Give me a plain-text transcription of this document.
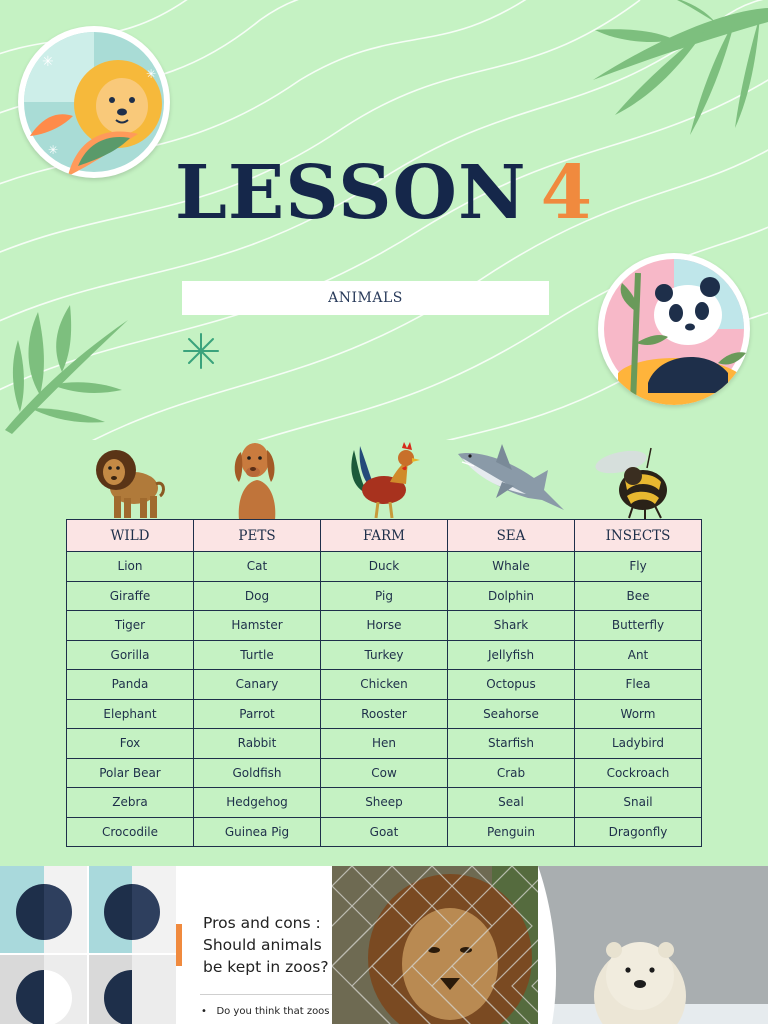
✳
✳
✳	LESSON 4
ANIMALS
WILD	PETS	FARM	SEA	INSECTS
Lion	Cat	Duck	Whale	Fly
Giraffe	Dog	Pig	Dolphin	Bee
Tiger	Hamster	Horse	Shark	Butterfly
Gorilla	Turtle	Turkey	Jellyfish	Ant
Panda	Canary	Chicken	Octopus	Flea
Elephant	Parrot	Rooster	Seahorse	Worm
Fox	Rabbit	Hen	Starfish	Ladybird
Polar Bear	Goldfish	Cow	Crab	Cockroach
Zebra	Hedgehog	Sheep	Seal	Snail
Crocodile	Guinea Pig	Goat	Penguin	Dragonfly
Pros and cons :
Should animals
be kept in zoos?
•   Do you think that zoos
